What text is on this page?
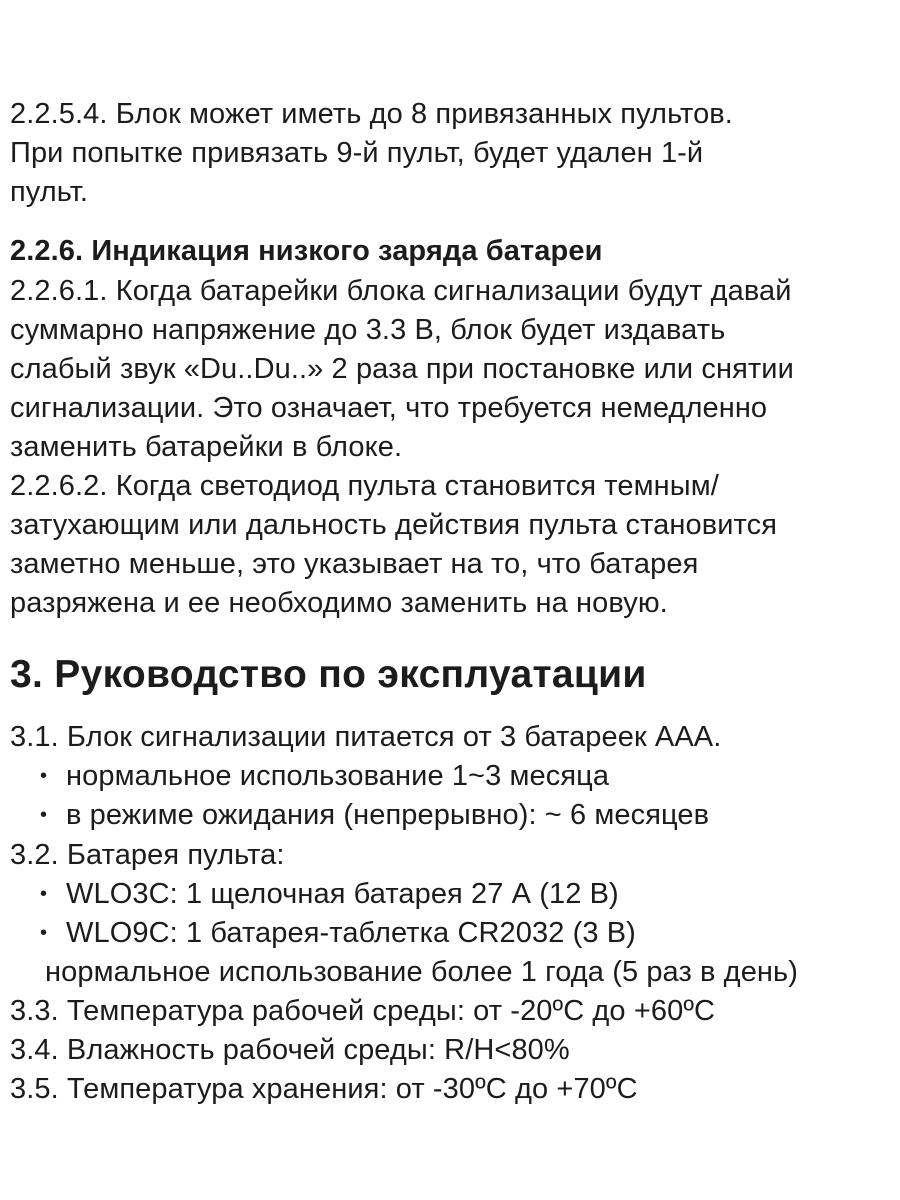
2.2.5.4. Блок может иметь до 8 привязанных пультов.
При попытке привязать 9-й пульт, будет удален 1-й
пульт.
2.2.6. Индикация низкого заряда батареи
2.2.6.1. Когда батарейки блока сигнализации будут давай
суммарно напряжение до 3.3 В, блок будет издавать
слабый звук «Du..Du..» 2 раза при постановке или снятии
сигнализации. Это означает, что требуется немедленно
заменить батарейки в блоке.
2.2.6.2. Когда светодиод пульта становится темным/
затухающим или дальность действия пульта становится
заметно меньше, это указывает на то, что батарея
разряжена и ее необходимо заменить на новую.
3. Руководство по эксплуатации
3.1. Блок сигнализации питается от 3 батареек ААА.
• нормальное использование 1~3 месяца
• в режиме ожидания (непрерывно): ~ 6 месяцев
3.2. Батарея пульта:
• WLO3C: 1 щелочная батарея 27 А (12 В)
• WLO9C: 1 батарея-таблетка CR2032 (3 В)
нормальное использование более 1 года (5 раз в день)
3.3. Температура рабочей среды: от -20ºC до +60ºC
3.4. Влажность рабочей среды: R/H<80%
3.5. Температура хранения: от -30ºC до +70ºC
